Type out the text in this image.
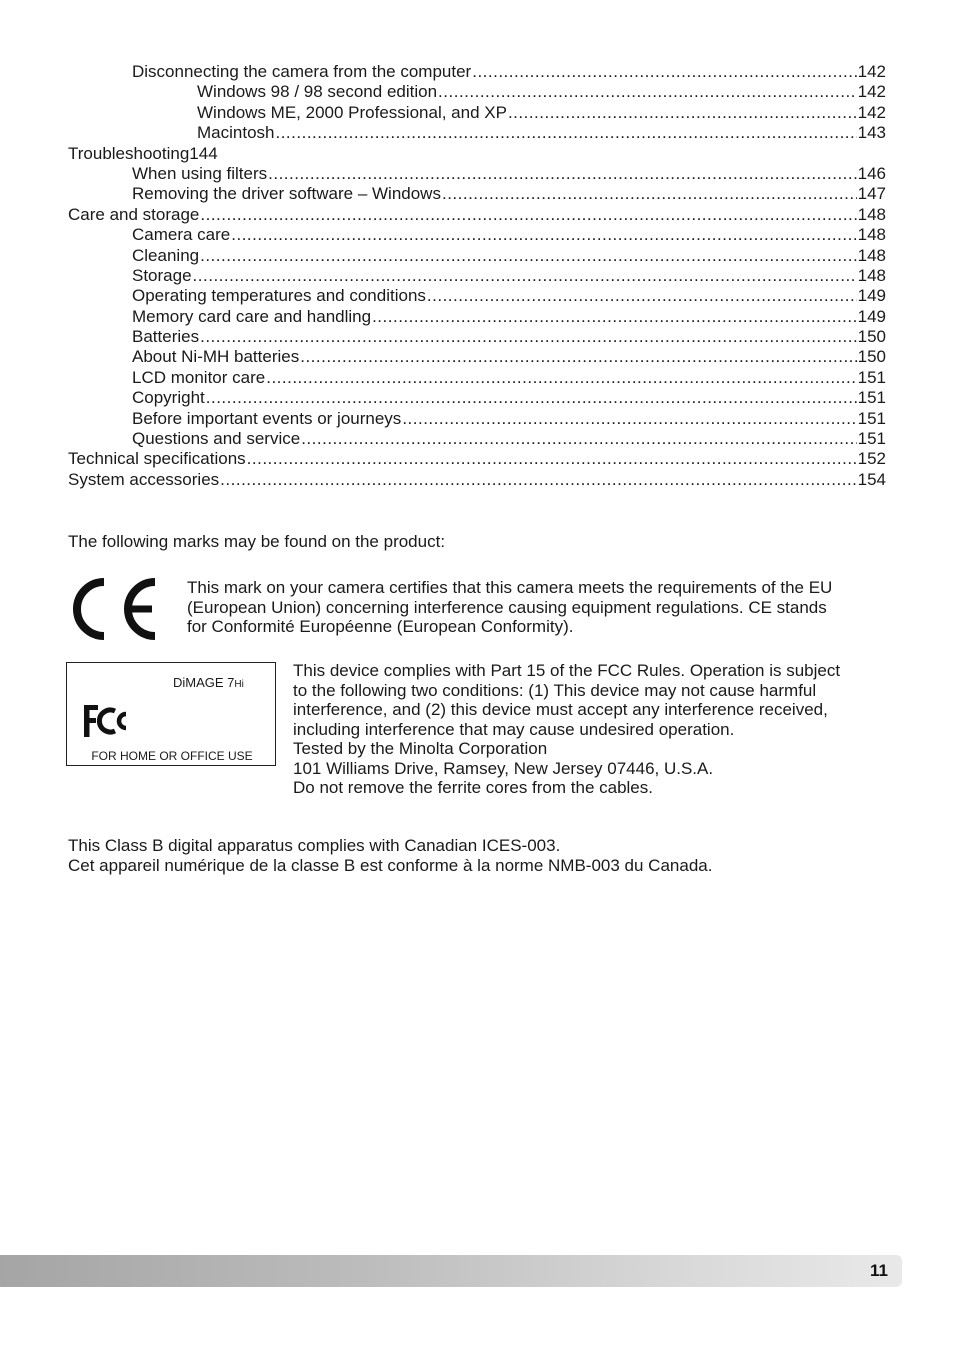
Disconnecting the camera from the computer .....	142
Windows 98 / 98 second edition .....	142
Windows ME, 2000 Professional, and XP .....	142
Macintosh .....	143
Troubleshooting 144
When using filters .....	146
Removing the driver software – Windows .....	147
Care and storage .....	148
Camera care .....	148
Cleaning .....	148
Storage .....	148
Operating temperatures and conditions .....	149
Memory card care and handling .....	149
Batteries .....	150
About Ni-MH batteries .....	150
LCD monitor care .....	151
Copyright .....	151
Before important events or journeys .....	151
Questions and service .....	151
Technical specifications .....	152
System accessories .....	154

The following marks may be found on the product:

This mark on your camera certifies that this camera meets the requirements of the EU
(European Union) concerning interference causing equipment regulations. CE stands
for Conformité Européenne (European Conformity).
DiMAGE 7Hi
FOR HOME OR OFFICE USE
This device complies with Part 15 of the FCC Rules. Operation is subject
to the following two conditions: (1) This device may not cause harmful
interference, and (2) this device must accept any interference received,
including interference that may cause undesired operation.
Tested by the Minolta Corporation
101 Williams Drive, Ramsey, New Jersey 07446, U.S.A.
Do not remove the ferrite cores from the cables.
This Class B digital apparatus complies with Canadian ICES-003.
Cet appareil numérique de la classe B est conforme à la norme NMB-003 du Canada.
11
